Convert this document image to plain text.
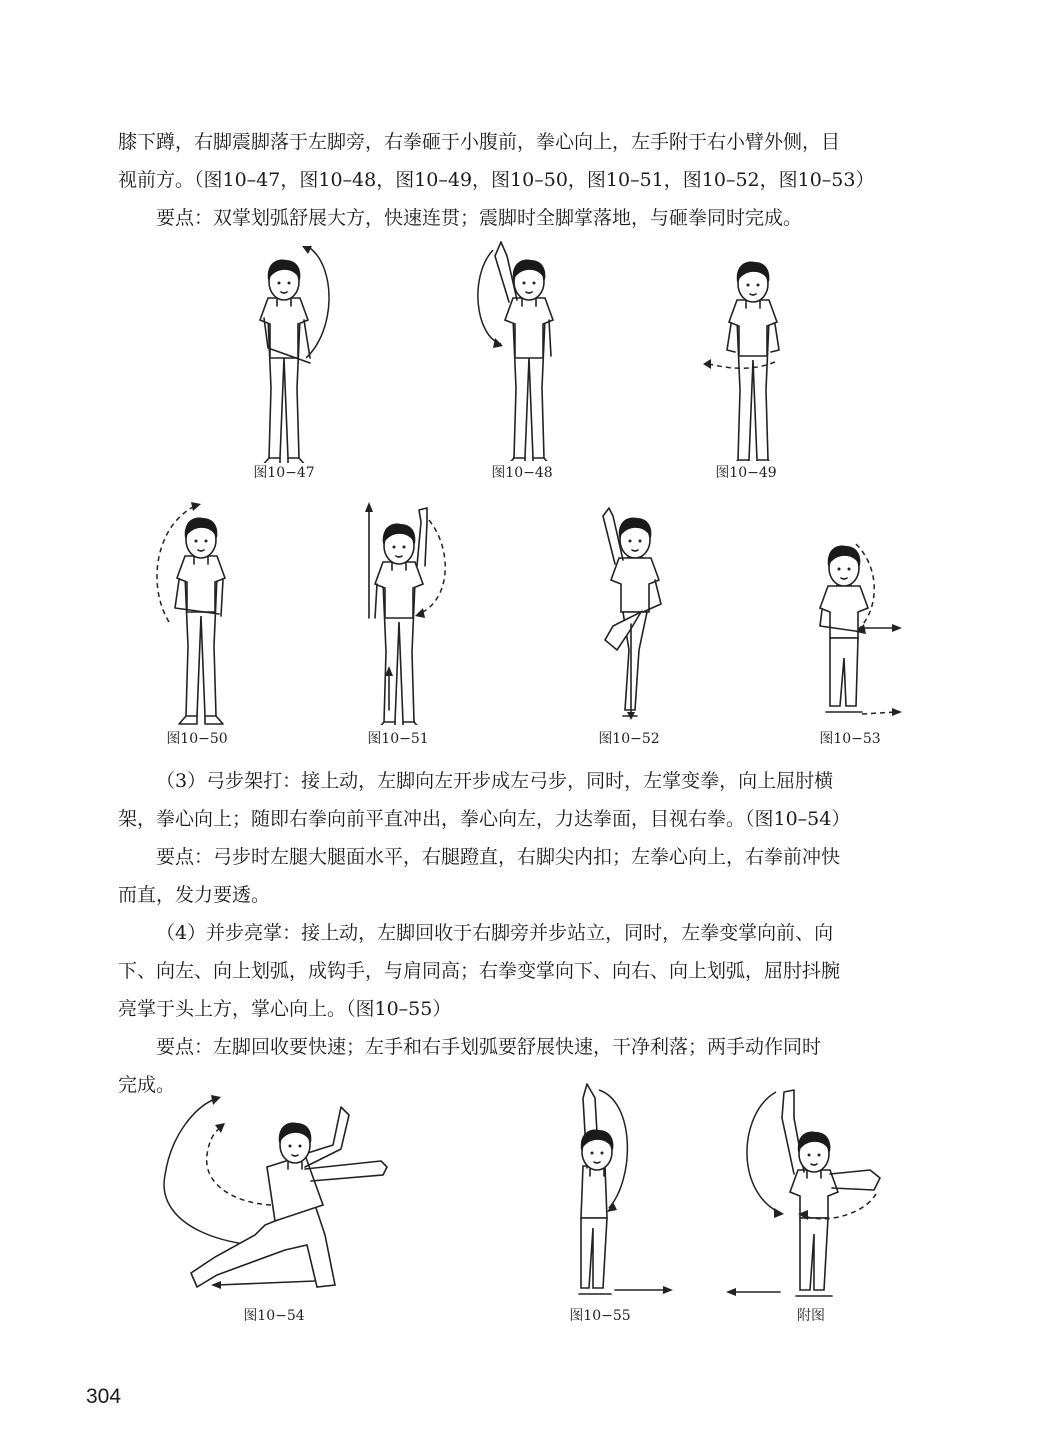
膝下蹲，右脚震脚落于左脚旁，右拳砸于小腹前，拳心向上，左手附于右小臂外侧，目
视前方。（图10–47，图10–48，图10–49，图10–50，图10–51，图10–52，图10–53）
要点：双掌划弧舒展大方，快速连贯；震脚时全脚掌落地，与砸拳同时完成。
图10−47	图10−48	图10−49
图10−50	图10−51	图10−52	图10−53
（3）弓步架打：接上动，左脚向左开步成左弓步，同时，左掌变拳，向上屈肘横
架，拳心向上；随即右拳向前平直冲出，拳心向左，力达拳面，目视右拳。（图10–54）
要点：弓步时左腿大腿面水平，右腿蹬直，右脚尖内扣；左拳心向上，右拳前冲快
而直，发力要透。
（4）并步亮掌：接上动，左脚回收于右脚旁并步站立，同时，左拳变掌向前、向
下、向左、向上划弧，成钩手，与肩同高；右拳变掌向下、向右、向上划弧，屈肘抖腕
亮掌于头上方，掌心向上。（图10–55）
要点：左脚回收要快速；左手和右手划弧要舒展快速，干净利落；两手动作同时
完成。
图10−54	图10−55	附图
304
